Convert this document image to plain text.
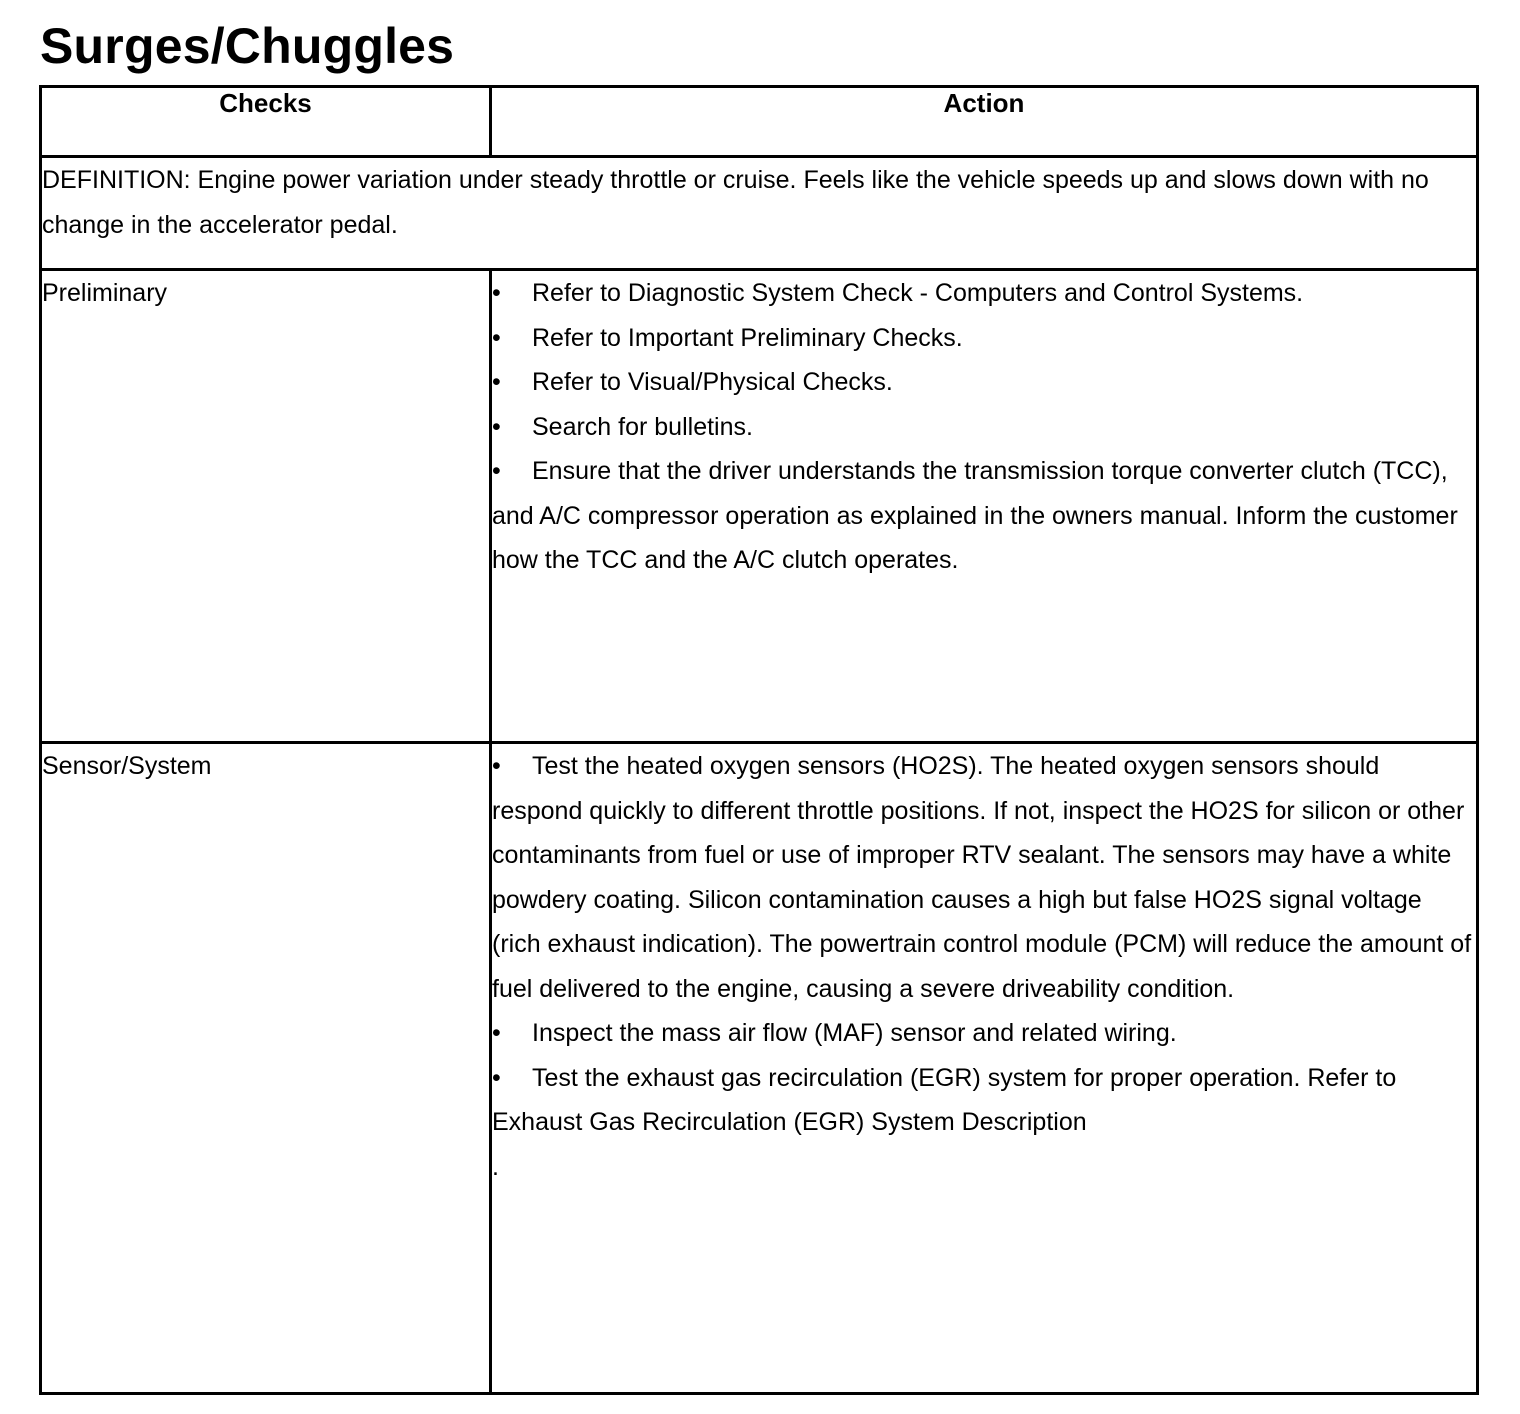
Surges/Chuggles
Checks	Action
DEFINITION: Engine power variation under steady throttle or cruise. Feels like the vehicle speeds up and slows down with no change in the accelerator pedal.	
Preliminary	• Refer to Diagnostic System Check - Computers and Control Systems.

• Refer to Important Preliminary Checks.

• Refer to Visual/Physical Checks.

• Search for bulletins.

• Ensure that the driver understands the transmission torque converter clutch (TCC), and A/C compressor operation as explained in the owners manual. Inform the customer how the TCC and the A/C clutch operates.

Sensor/System	• Test the heated oxygen sensors (HO2S). The heated oxygen sensors should respond quickly to different throttle positions. If not, inspect the HO2S for silicon or other contaminants from fuel or use of improper RTV sealant. The sensors may have a white powdery coating. Silicon contamination causes a high but false HO2S signal voltage (rich exhaust indication). The powertrain control module (PCM) will reduce the amount of fuel delivered to the engine, causing a severe driveability condition.

• Inspect the mass air flow (MAF) sensor and related wiring.

• Test the exhaust gas recirculation (EGR) system for proper operation. Refer to Exhaust Gas Recirculation (EGR) System Description

.
